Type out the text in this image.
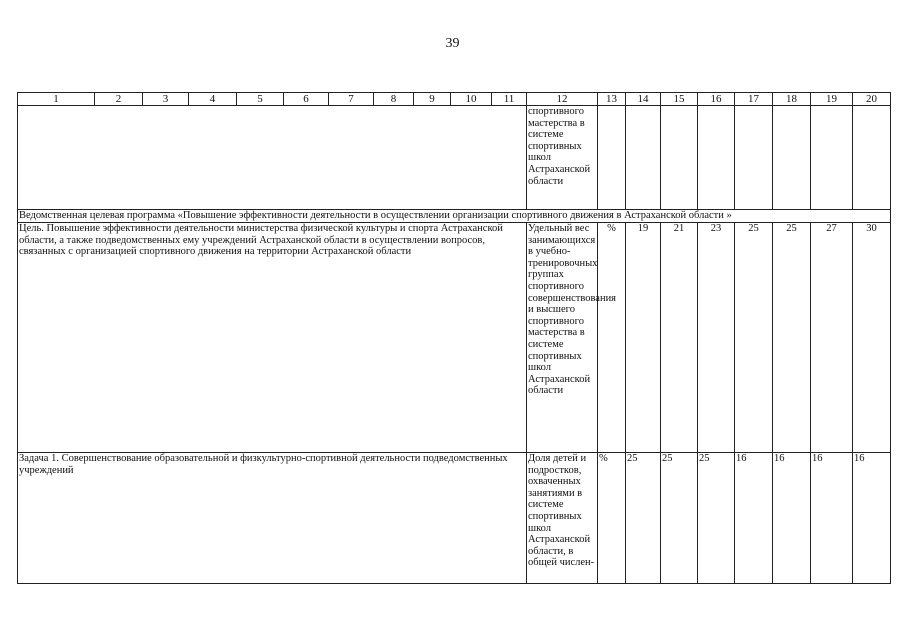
39
1	2	3	4	5	6	7	8	9	10	11	12	13	14	15	16	17	18	19	20
											спортивного мастерства в системе спортивных школ Астраханской области								
Ведомственная целевая программа «Повышение эффективности деятельности в осуществлении организации спортивного движения в Астраханской области »																			
Цель. Повышение эффективности деятельности министерства физической культуры и спорта Астраханской области, а также подведомственных ему учреждений Астраханской области в осуществлении вопросов, связанных с организацией спортивного движения на территории Астраханской области											Удельный вес занимающихся в учебно-тренировочных группах спортивного совершенствования и высшего спортивного мастерства в системе спортивных школ Астраханской области	%	19	21	23	25	25	27	30
Задача 1. Совершенствование образовательной и физкультурно-спортивной деятельности подведомственных учреждений											Доля детей и подростков, охваченных занятиями в системе спортивных школ Астраханской области, в общей числен-	%	25	25	25	16	16	16	16
